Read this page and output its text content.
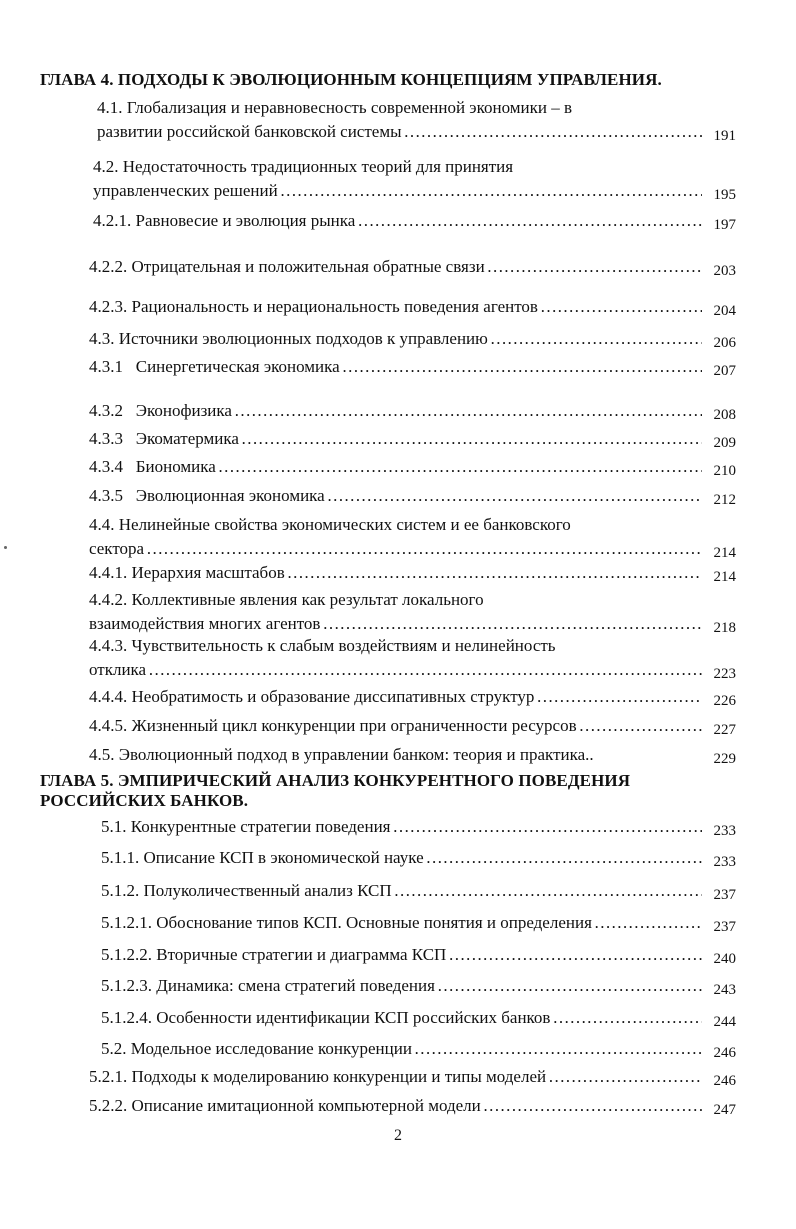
ГЛАВА 4. ПОДХОДЫ К ЭВОЛЮЦИОННЫМ КОНЦЕПЦИЯМ УПРАВЛЕНИЯ.
4.1. Глобализация и неравновесность современной экономики – в
развитии российской банковской системы …………………………………………………………………………………………………………………………………………………………………………………	191
4.2. Недостаточность традиционных теорий для принятия
управленческих решений …………………………………………………………………………………………………………………………………………………………………………………	195
4.2.1. Равновесие и эволюция рынка …………………………………………………………………………………………………………………………………………………………………………………	197
4.2.2. Отрицательная и положительная обратные связи …………………………………………………………………………………………………………………………………………………………………………………	203
4.2.3. Рациональность и нерациональность поведения агентов …………………………………………………………………………………………………………………………………………………………………………………	204
4.3. Источники эволюционных подходов к управлению …………………………………………………………………………………………………………………………………………………………………………………	206
4.3.1   Синергетическая экономика …………………………………………………………………………………………………………………………………………………………………………………	207
4.3.2   Эконофизика …………………………………………………………………………………………………………………………………………………………………………………	208
4.3.3   Экоматермика …………………………………………………………………………………………………………………………………………………………………………………	209
4.3.4   Биономика …………………………………………………………………………………………………………………………………………………………………………………	210
4.3.5   Эволюционная экономика …………………………………………………………………………………………………………………………………………………………………………………	212
4.4. Нелинейные свойства экономических систем и ее банковского
сектора …………………………………………………………………………………………………………………………………………………………………………………	214
4.4.1. Иерархия масштабов …………………………………………………………………………………………………………………………………………………………………………………	214
4.4.2. Коллективные явления как результат локального
взаимодействия многих агентов …………………………………………………………………………………………………………………………………………………………………………………	218
4.4.3. Чувствительность к слабым воздействиям и нелинейность
отклика …………………………………………………………………………………………………………………………………………………………………………………	223
4.4.4. Необратимость и образование диссипативных структур …………………………………………………………………………………………………………………………………………………………………………………	226
4.4.5. Жизненный цикл конкуренции при ограниченности ресурсов …………………………………………………………………………………………………………………………………………………………………………………	227
4.5. Эволюционный подход в управлении банком: теория и практика..	229
ГЛАВА 5. ЭМПИРИЧЕСКИЙ АНАЛИЗ КОНКУРЕНТНОГО ПОВЕДЕНИЯ
РОССИЙСКИХ БАНКОВ.
5.1. Конкурентные стратегии поведения …………………………………………………………………………………………………………………………………………………………………………………	233
5.1.1. Описание КСП в экономической науке …………………………………………………………………………………………………………………………………………………………………………………	233
5.1.2. Полуколичественный анализ КСП …………………………………………………………………………………………………………………………………………………………………………………	237
5.1.2.1. Обоснование типов КСП. Основные понятия и определения …………………………………………………………………………………………………………………………………………………………………………………	237
5.1.2.2. Вторичные стратегии и диаграмма КСП …………………………………………………………………………………………………………………………………………………………………………………	240
5.1.2.3. Динамика: смена стратегий поведения …………………………………………………………………………………………………………………………………………………………………………………	243
5.1.2.4. Особенности идентификации КСП российских банков …………………………………………………………………………………………………………………………………………………………………………………	244
5.2. Модельное исследование конкуренции …………………………………………………………………………………………………………………………………………………………………………………	246
5.2.1. Подходы к моделированию конкуренции и типы моделей …………………………………………………………………………………………………………………………………………………………………………………	246
5.2.2. Описание имитационной компьютерной модели …………………………………………………………………………………………………………………………………………………………………………………	247

2
